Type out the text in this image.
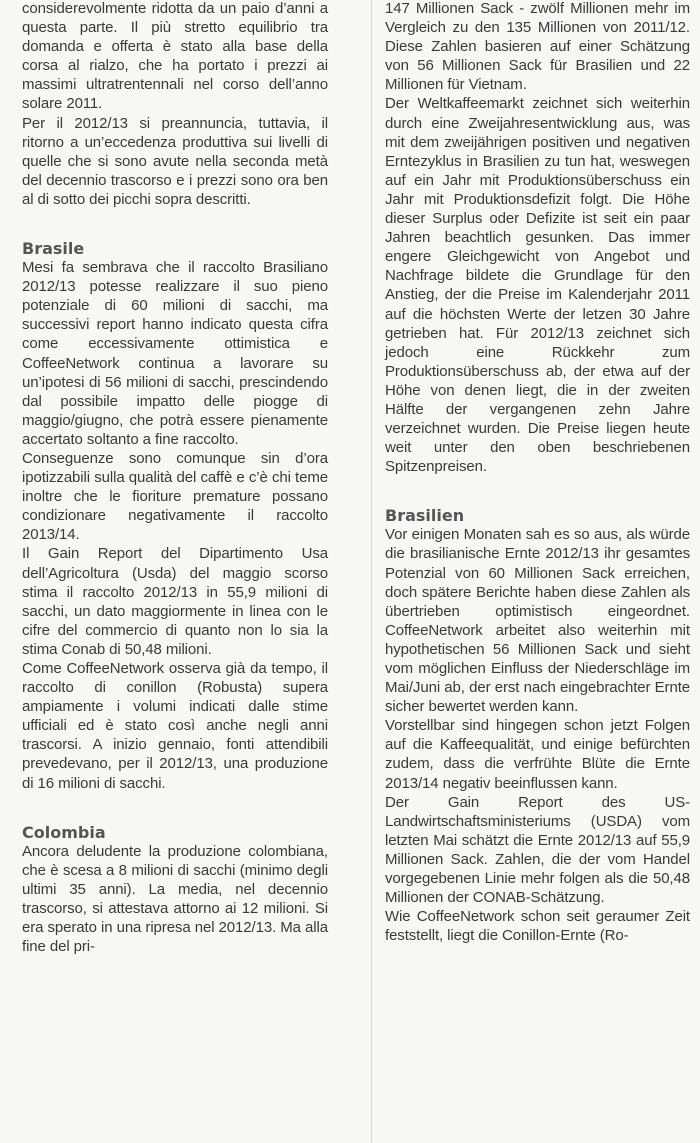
considerevolmente ridotta da un paio d’anni a questa parte. Il più stretto equilibrio tra domanda e offerta è stato alla base della corsa al rialzo, che ha portato i prezzi ai massimi ultratrentennali nel corso dell’anno solare 2011.

Per il 2012/13 si preannuncia, tuttavia, il ritorno a un’eccedenza produttiva sui livelli di quelle che si sono avute nella seconda metà del decennio trascorso e i prezzi sono ora ben al di sotto dei picchi sopra descritti.

Brasile

Mesi fa sembrava che il raccolto Brasiliano 2012/13 potesse realizzare il suo pieno potenziale di 60 milioni di sacchi, ma successivi report hanno indicato questa cifra come eccessivamente ottimistica e CoffeeNetwork continua a lavorare su un’ipotesi di 56 milioni di sacchi, prescindendo dal possibile impatto delle piogge di maggio/giugno, che potrà essere pienamente accertato soltanto a fine raccolto.

Conseguenze sono comunque sin d’ora ipotizzabili sulla qualità del caffè e c’è chi teme inoltre che le fioriture premature possano condizionare negativamente il raccolto 2013/14.

Il Gain Report del Dipartimento Usa dell’Agricoltura (Usda) del maggio scorso stima il raccolto 2012/13 in 55,9 milioni di sacchi, un dato maggiormente in linea con le cifre del commercio di quanto non lo sia la stima Conab di 50,48 milioni.

Come CoffeeNetwork osserva già da tempo, il raccolto di conillon (Robusta) supera ampiamente i volumi indicati dalle stime ufficiali ed è stato così anche negli anni trascorsi. A inizio gennaio, fonti attendibili prevedevano, per il 2012/13, una produzione di 16 milioni di sacchi.

Colombia

Ancora deludente la produzione colombiana, che è scesa a 8 milioni di sacchi (minimo degli ultimi 35 anni). La media, nel decennio trascorso, si attestava attorno ai 12 milioni. Si era sperato in una ripresa nel 2012/13. Ma alla fine del pri-

147 Millionen Sack - zwölf Millionen mehr im Vergleich zu den 135 Millionen von 2011/12. Diese Zahlen basieren auf einer Schätzung von 56 Millionen Sack für Brasilien und 22 Millionen für Vietnam.

Der Weltkaffeemarkt zeichnet sich weiterhin durch eine Zweijahresentwicklung aus, was mit dem zweijährigen positiven und negativen Erntezyklus in Brasilien zu tun hat, weswegen auf ein Jahr mit Produktionsüberschuss ein Jahr mit Produktionsdefizit folgt. Die Höhe dieser Surplus oder Defizite ist seit ein paar Jahren beachtlich gesunken. Das immer engere Gleichgewicht von Angebot und Nachfrage bildete die Grundlage für den Anstieg, der die Preise im Kalenderjahr 2011 auf die höchsten Werte der letzen 30 Jahre getrieben hat. Für 2012/13 zeichnet sich jedoch eine Rückkehr zum Produktionsüberschuss ab, der etwa auf der Höhe von denen liegt, die in der zweiten Hälfte der vergangenen zehn Jahre verzeichnet wurden. Die Preise liegen heute weit unter den oben beschriebenen Spitzenpreisen.

Brasilien

Vor einigen Monaten sah es so aus, als würde die brasilianische Ernte 2012/13 ihr gesamtes Potenzial von 60 Millionen Sack erreichen, doch spätere Berichte haben diese Zahlen als übertrieben optimistisch eingeordnet. CoffeeNetwork arbeitet also weiterhin mit hypothetischen 56 Millionen Sack und sieht vom möglichen Einfluss der Niederschläge im Mai/Juni ab, der erst nach eingebrachter Ernte sicher bewertet werden kann.

Vorstellbar sind hingegen schon jetzt Folgen auf die Kaffeequalität, und einige befürchten zudem, dass die verfrühte Blüte die Ernte 2013/14 negativ beeinflussen kann.

Der Gain Report des US-Landwirtschaftsministeriums (USDA) vom letzten Mai schätzt die Ernte 2012/13 auf 55,9 Millionen Sack. Zahlen, die der vom Handel vorgegebenen Linie mehr folgen als die 50,48 Millionen der CONAB-Schätzung.

Wie CoffeeNetwork schon seit geraumer Zeit feststellt, liegt die Conillon-Ernte (Ro-
